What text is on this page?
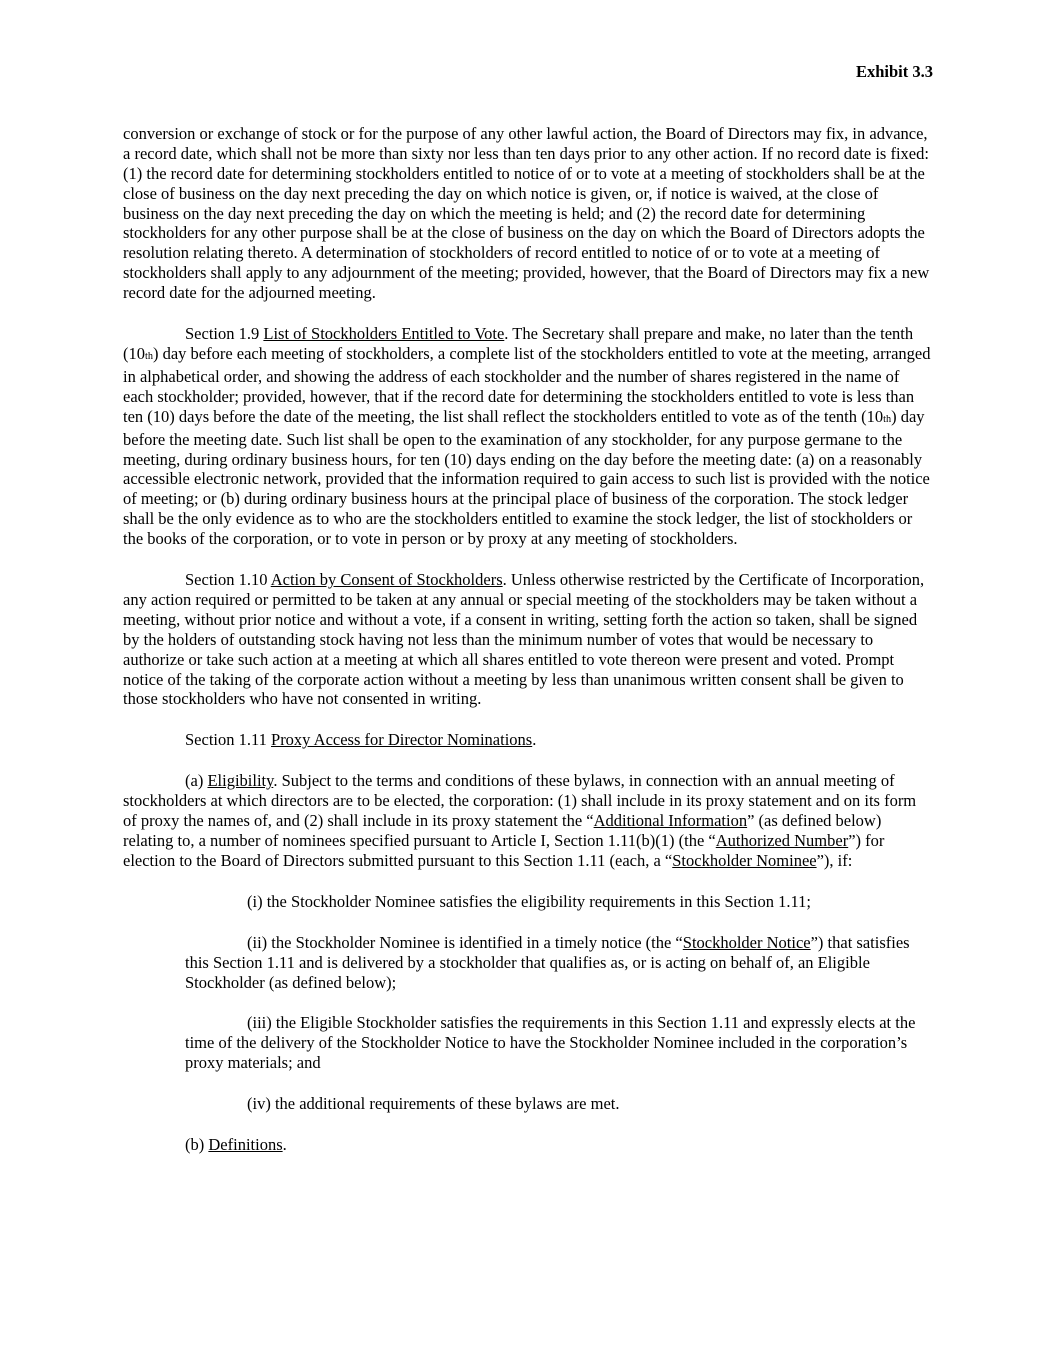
Exhibit 3.3

conversion or exchange of stock or for the purpose of any other lawful action, the Board of Directors may fix, in advance, a record date, which shall not be more than sixty nor less than ten days prior to any other action. If no record date is fixed: (1) the record date for determining stockholders entitled to notice of or to vote at a meeting of stockholders shall be at the close of business on the day next preceding the day on which notice is given, or, if notice is waived, at the close of business on the day next preceding the day on which the meeting is held; and (2) the record date for determining stockholders for any other purpose shall be at the close of business on the day on which the Board of Directors adopts the resolution relating thereto. A determination of stockholders of record entitled to notice of or to vote at a meeting of stockholders shall apply to any adjournment of the meeting; provided, however, that the Board of Directors may fix a new record date for the adjourned meeting.

Section 1.9 List of Stockholders Entitled to Vote. The Secretary shall prepare and make, no later than the tenth (10th) day before each meeting of stockholders, a complete list of the stockholders entitled to vote at the meeting, arranged in alphabetical order, and showing the address of each stockholder and the number of shares registered in the name of each stockholder; provided, however, that if the record date for determining the stockholders entitled to vote is less than ten (10) days before the date of the meeting, the list shall reflect the stockholders entitled to vote as of the tenth (10th) day before the meeting date. Such list shall be open to the examination of any stockholder, for any purpose germane to the meeting, during ordinary business hours, for ten (10) days ending on the day before the meeting date: (a) on a reasonably accessible electronic network, provided that the information required to gain access to such list is provided with the notice of meeting; or (b) during ordinary business hours at the principal place of business of the corporation. The stock ledger shall be the only evidence as to who are the stockholders entitled to examine the stock ledger, the list of stockholders or the books of the corporation, or to vote in person or by proxy at any meeting of stockholders.

Section 1.10 Action by Consent of Stockholders. Unless otherwise restricted by the Certificate of Incorporation, any action required or permitted to be taken at any annual or special meeting of the stockholders may be taken without a meeting, without prior notice and without a vote, if a consent in writing, setting forth the action so taken, shall be signed by the holders of outstanding stock having not less than the minimum number of votes that would be necessary to authorize or take such action at a meeting at which all shares entitled to vote thereon were present and voted. Prompt notice of the taking of the corporate action without a meeting by less than unanimous written consent shall be given to those stockholders who have not consented in writing.

Section 1.11 Proxy Access for Director Nominations.

(a) Eligibility. Subject to the terms and conditions of these bylaws, in connection with an annual meeting of stockholders at which directors are to be elected, the corporation: (1) shall include in its proxy statement and on its form of proxy the names of, and (2) shall include in its proxy statement the “Additional Information” (as defined below) relating to, a number of nominees specified pursuant to Article I, Section 1.11(b)(1) (the “Authorized Number”) for election to the Board of Directors submitted pursuant to this Section 1.11 (each, a “Stockholder Nominee”), if:

(i) the Stockholder Nominee satisfies the eligibility requirements in this Section 1.11;

(ii) the Stockholder Nominee is identified in a timely notice (the “Stockholder Notice”) that satisfies this Section 1.11 and is delivered by a stockholder that qualifies as, or is acting on behalf of, an Eligible Stockholder (as defined below);

(iii) the Eligible Stockholder satisfies the requirements in this Section 1.11 and expressly elects at the time of the delivery of the Stockholder Notice to have the Stockholder Nominee included in the corporation’s proxy materials; and

(iv) the additional requirements of these bylaws are met.

(b) Definitions.
